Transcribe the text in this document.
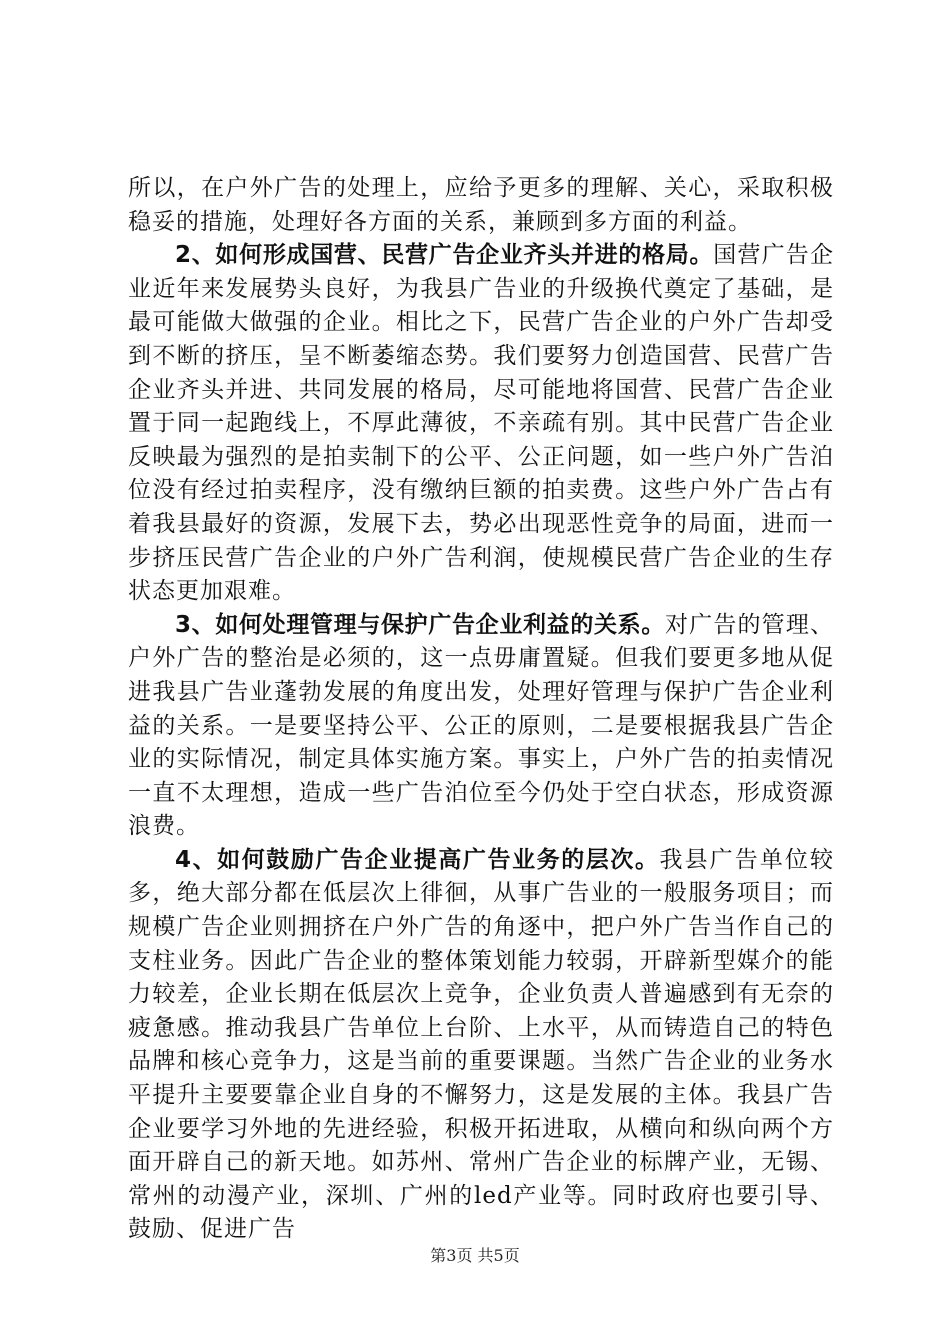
所以，在户外广告的处理上，应给予更多的理解、关心，采取积极稳妥的措施，处理好各方面的关系，兼顾到多方面的利益。

2、如何形成国营、民营广告企业齐头并进的格局。国营广告企业近年来发展势头良好，为我县广告业的升级换代奠定了基础，是最可能做大做强的企业。相比之下，民营广告企业的户外广告却受到不断的挤压，呈不断萎缩态势。我们要努力创造国营、民营广告企业齐头并进、共同发展的格局，尽可能地将国营、民营广告企业置于同一起跑线上，不厚此薄彼，不亲疏有别。其中民营广告企业反映最为强烈的是拍卖制下的公平、公正问题，如一些户外广告泊位没有经过拍卖程序，没有缴纳巨额的拍卖费。这些户外广告占有着我县最好的资源，发展下去，势必出现恶性竞争的局面，进而一步挤压民营广告企业的户外广告利润，使规模民营广告企业的生存状态更加艰难。

3、如何处理管理与保护广告企业利益的关系。对广告的管理、户外广告的整治是必须的，这一点毋庸置疑。但我们要更多地从促进我县广告业蓬勃发展的角度出发，处理好管理与保护广告企业利益的关系。一是要坚持公平、公正的原则，二是要根据我县广告企业的实际情况，制定具体实施方案。事实上，户外广告的拍卖情况一直不太理想，造成一些广告泊位至今仍处于空白状态，形成资源浪费。

4、如何鼓励广告企业提高广告业务的层次。我县广告单位较多，绝大部分都在低层次上徘徊，从事广告业的一般服务项目；而规模广告企业则拥挤在户外广告的角逐中，把户外广告当作自己的支柱业务。因此广告企业的整体策划能力较弱，开辟新型媒介的能力较差，企业长期在低层次上竞争，企业负责人普遍感到有无奈的疲惫感。推动我县广告单位上台阶、上水平，从而铸造自己的特色品牌和核心竞争力，这是当前的重要课题。当然广告企业的业务水平提升主要要靠企业自身的不懈努力，这是发展的主体。我县广告企业要学习外地的先进经验，积极开拓进取，从横向和纵向两个方面开辟自己的新天地。如苏州、常州广告企业的标牌产业，无锡、常州的动漫产业，深圳、广州的led产业等。同时政府也要引导、鼓励、促进广告

第3页 共5页
